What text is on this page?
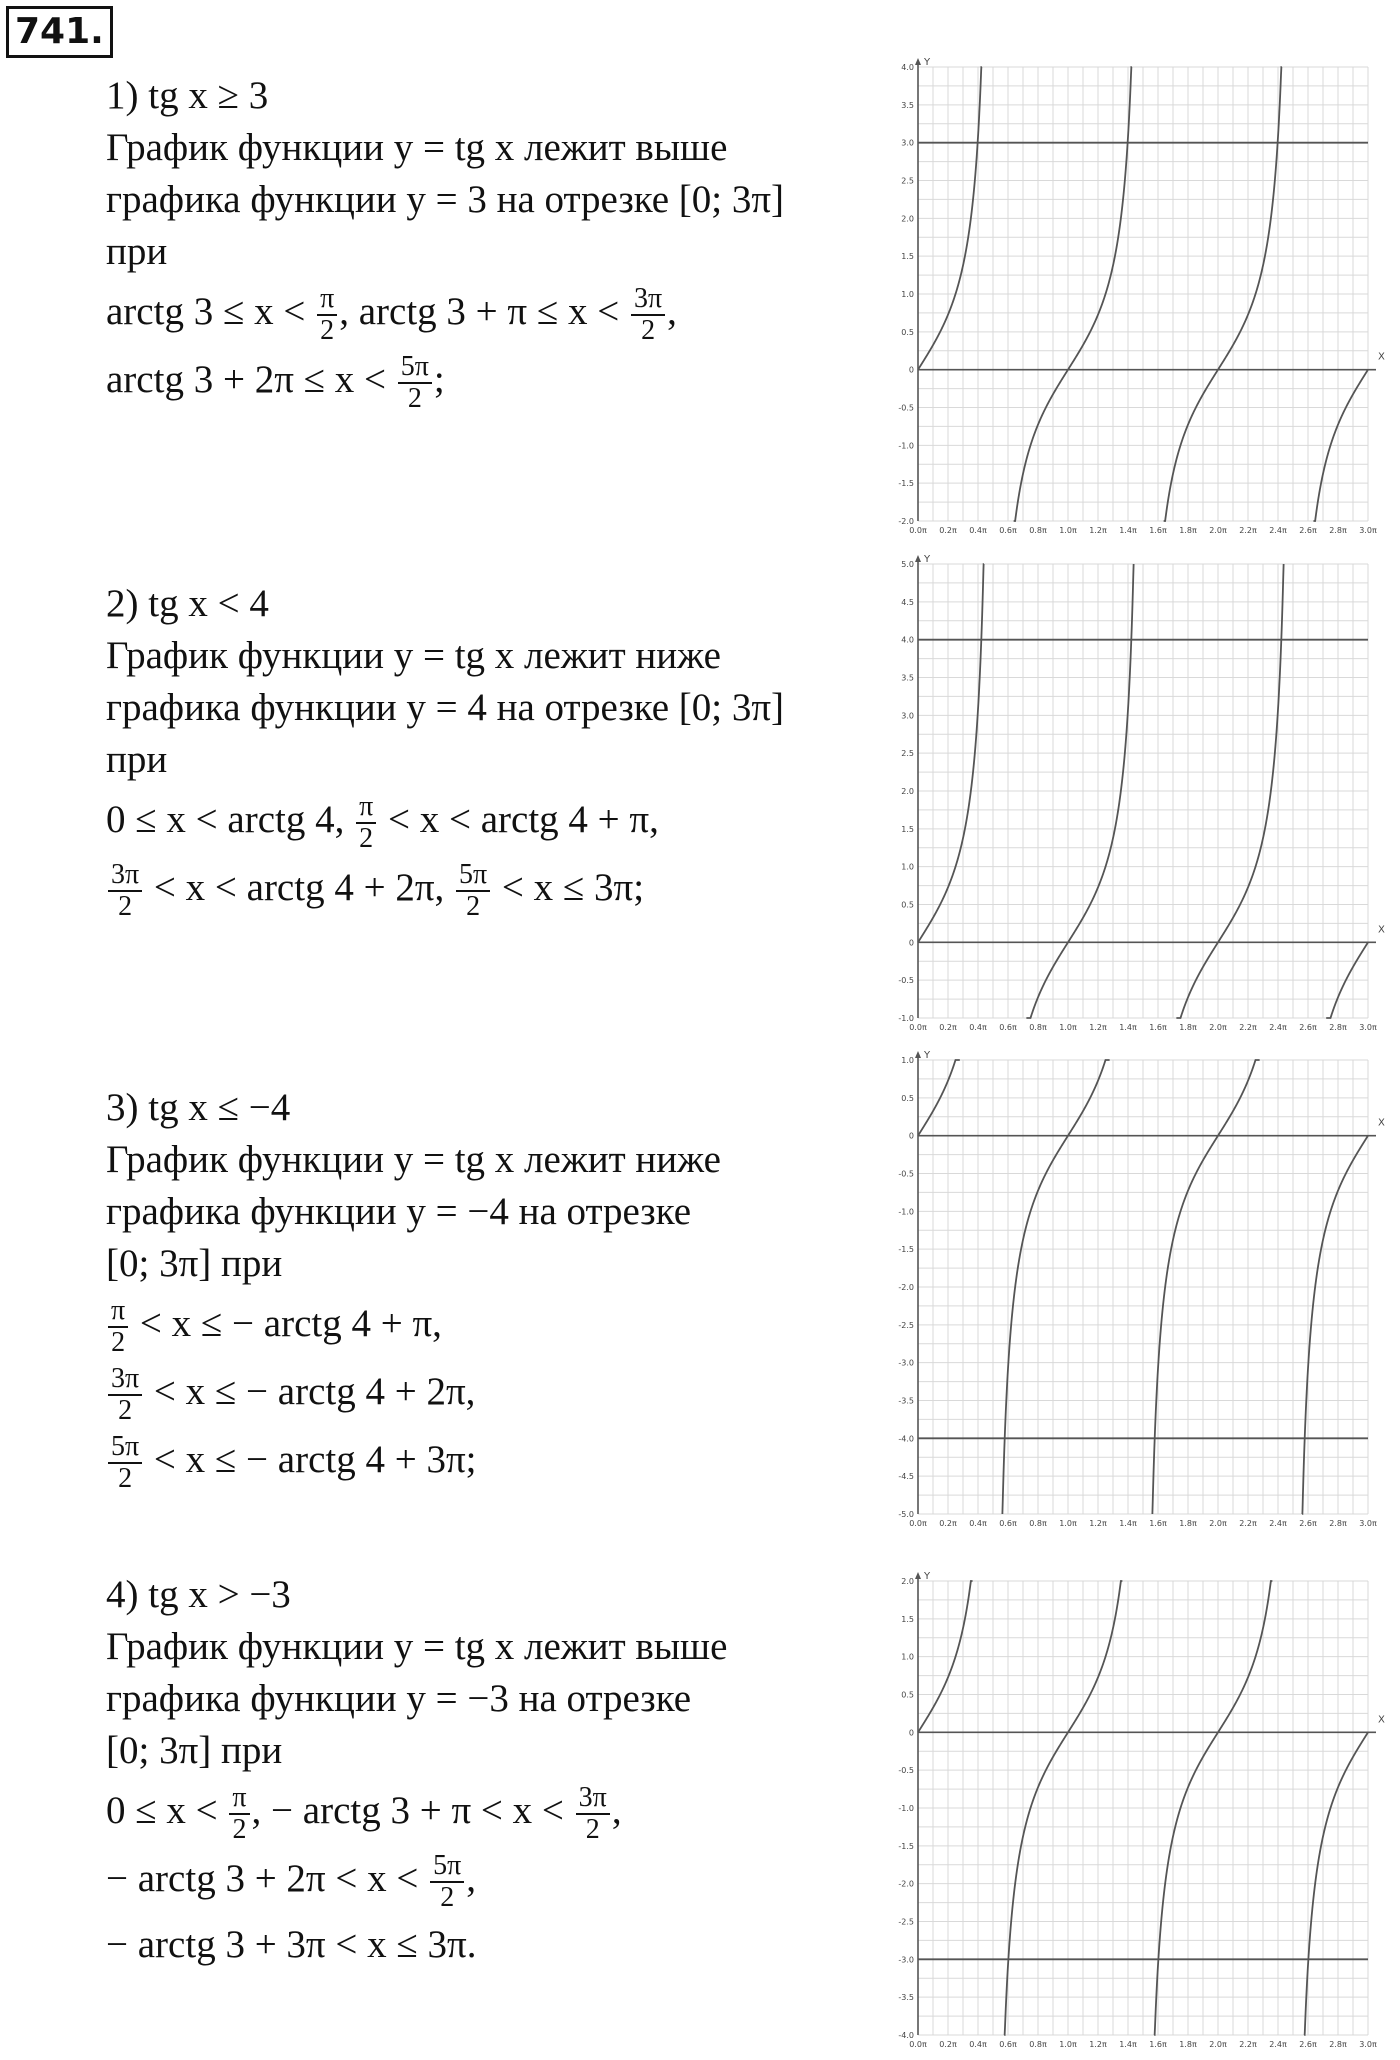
741.
1) tg x ≥ 3
График функции y = tg x лежит выше
графика функции y = 3 на отрезке [0; 3π]
при
arctg $3 \le x < \frac{\pi}{2}$ , arctg $3 + \pi \le x < \frac{3\pi}{2}$ ,
arctg $3 + 2\pi \le x < \frac{5\pi}{2}$ ;
2) tg x < 4
График функции y = tg x лежит ниже
графика функции y = 4 на отрезке [0; 3π]
при
0 ≤ x < arctg 4, $\frac{\pi}{2} < x$ < arctg 4 + π,
$\frac{3\pi}{2} < x$ < arctg 4 + 2π, $\frac{5\pi}{2} < x \le 3\pi$;
3) tg x ≤ −4
График функции y = tg x лежит ниже
графика функции y = −4 на отрезке
[0; 3π] при
$\frac{\pi}{2} < x$ ≤ − arctg 4 + π,
$\frac{3\pi}{2} < x$ ≤ − arctg 4 + 2π,
$\frac{5\pi}{2} < x$ ≤ − arctg 4 + 3π;
4) tg x > −3
График функции y = tg x лежит выше
графика функции y = −3 на отрезке
[0; 3π] при
$0 \le x < \frac{\pi}{2}$ , − arctg $3 + \pi < x < \frac{3\pi}{2}$ ,
− arctg $3 + 2\pi < x < \frac{5\pi}{2}$ ,
− arctg 3 + 3π < x ≤ 3π.
X
Y
0.0π 0.2π 0.4π 0.6π 0.8π 1.0π 1.2π 1.4π 1.6π 1.8π 2.0π 2.2π 2.4π 2.6π 2.8π 3.0π
-2.0
-1.5
-1.0
-0.5
0
0.5
1.0
1.5
2.0
2.5
3.0
3.5
4.0
X
Y
0.0π 0.2π 0.4π 0.6π 0.8π 1.0π 1.2π 1.4π 1.6π 1.8π 2.0π 2.2π 2.4π 2.6π 2.8π 3.0π
-1.0
-0.5
0
0.5
1.0
1.5
2.0
2.5
3.0
3.5
4.0
4.5
5.0
X
Y
0.0π 0.2π 0.4π 0.6π 0.8π 1.0π 1.2π 1.4π 1.6π 1.8π 2.0π 2.2π 2.4π 2.6π 2.8π 3.0π
-5.0
-4.5
-4.0
-3.5
-3.0
-2.5
-2.0
-1.5
-1.0
-0.5
0
0.5
1.0
X
Y
0.0π 0.2π 0.4π 0.6π 0.8π 1.0π 1.2π 1.4π 1.6π 1.8π 2.0π 2.2π 2.4π 2.6π 2.8π 3.0π
-4.0
-3.5
-3.0
-2.5
-2.0
-1.5
-1.0
-0.5
0
0.5
1.0
1.5
2.0
